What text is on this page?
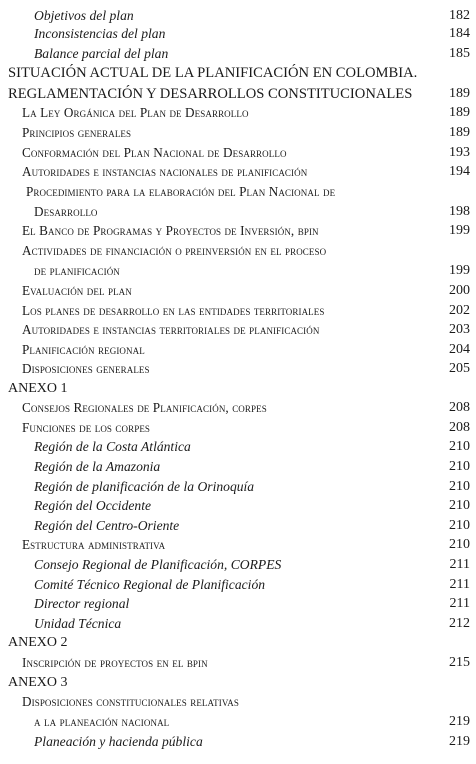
Objetivos del plan	182
Inconsistencias del plan	184
Balance parcial del plan	185
SITUACIÓN ACTUAL DE LA PLANIFICACIÓN EN COLOMBIA.
REGLAMENTACIÓN Y DESARROLLOS CONSTITUCIONALES	189
La Ley Orgánica del Plan de Desarrollo	189
Principios generales	189
Conformación del Plan Nacional de Desarrollo	193
Autoridades e instancias nacionales de planificación	194
Procedimiento para la elaboración del Plan Nacional de
Desarrollo	198
El Banco de Programas y Proyectos de Inversión, bpin	199
Actividades de financiación o preinversión en el proceso
de planificación	199
Evaluación del plan	200
Los planes de desarrollo en las entidades territoriales	202
Autoridades e instancias territoriales de planificación	203
Planificación regional	204
Disposiciones generales	205
ANEXO 1
Consejos Regionales de Planificación, corpes	208
Funciones de los corpes	208
Región de la Costa Atlántica	210
Región de la Amazonia	210
Región de planificación de la Orinoquía	210
Región del Occidente	210
Región del Centro-Oriente	210
Estructura administrativa	210
Consejo Regional de Planificación, CORPES	211
Comité Técnico Regional de Planificación	211
Director regional	211
Unidad Técnica	212
ANEXO 2
Inscripción de proyectos en el bpin	215
ANEXO 3
Disposiciones constitucionales relativas
a la planeación nacional	219
Planeación y hacienda pública	219
